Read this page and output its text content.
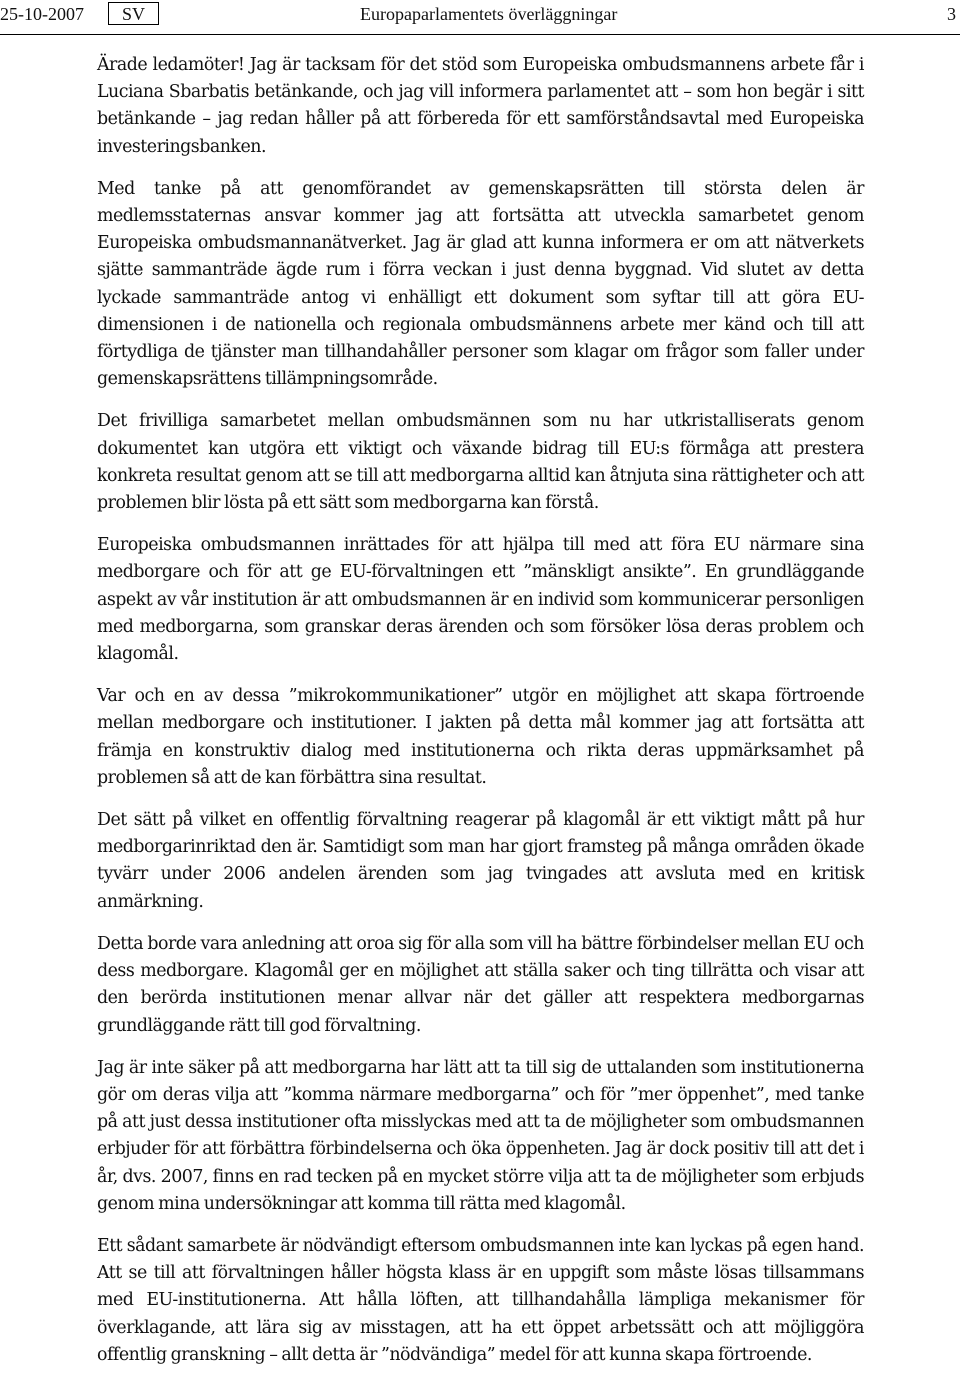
25-10-2007	SV	Europaparlamentets överläggningar	3

Ärade ledamöter! Jag är tacksam för det stöd som Europeiska ombudsmannens arbete får i Luciana Sbarbatis betänkande, och jag vill informera parlamentet att – som hon begär i sitt betänkande – jag redan håller på att förbereda för ett samförståndsavtal med Europeiska investeringsbanken.

Med tanke på att genomförandet av gemenskapsrätten till största delen är medlemsstaternas ansvar kommer jag att fortsätta att utveckla samarbetet genom Europeiska ombudsmannanätverket. Jag är glad att kunna informera er om att nätverkets sjätte sammanträde ägde rum i förra veckan i just denna byggnad. Vid slutet av detta lyckade sammanträde antog vi enhälligt ett dokument som syftar till att göra EU-dimensionen i de nationella och regionala ombudsmännens arbete mer känd och till att förtydliga de tjänster man tillhandahåller personer som klagar om frågor som faller under gemenskapsrättens tillämpningsområde.

Det frivilliga samarbetet mellan ombudsmännen som nu har utkristalliserats genom dokumentet kan utgöra ett viktigt och växande bidrag till EU:s förmåga att prestera konkreta resultat genom att se till att medborgarna alltid kan åtnjuta sina rättigheter och att problemen blir lösta på ett sätt som medborgarna kan förstå.

Europeiska ombudsmannen inrättades för att hjälpa till med att föra EU närmare sina medborgare och för att ge EU-förvaltningen ett ”mänskligt ansikte”. En grundläggande aspekt av vår institution är att ombudsmannen är en individ som kommunicerar personligen med medborgarna, som granskar deras ärenden och som försöker lösa deras problem och klagomål.

Var och en av dessa ”mikrokommunikationer” utgör en möjlighet att skapa förtroende mellan medborgare och institutioner. I jakten på detta mål kommer jag att fortsätta att främja en konstruktiv dialog med institutionerna och rikta deras uppmärksamhet på problemen så att de kan förbättra sina resultat.

Det sätt på vilket en offentlig förvaltning reagerar på klagomål är ett viktigt mått på hur medborgarinriktad den är. Samtidigt som man har gjort framsteg på många områden ökade tyvärr under 2006 andelen ärenden som jag tvingades att avsluta med en kritisk anmärkning.

Detta borde vara anledning att oroa sig för alla som vill ha bättre förbindelser mellan EU och dess medborgare. Klagomål ger en möjlighet att ställa saker och ting tillrätta och visar att den berörda institutionen menar allvar när det gäller att respektera medborgarnas grundläggande rätt till god förvaltning.

Jag är inte säker på att medborgarna har lätt att ta till sig de uttalanden som institutionerna gör om deras vilja att ”komma närmare medborgarna” och för ”mer öppenhet”, med tanke på att just dessa institutioner ofta misslyckas med att ta de möjligheter som ombudsmannen erbjuder för att förbättra förbindelserna och öka öppenheten. Jag är dock positiv till att det i år, dvs. 2007, finns en rad tecken på en mycket större vilja att ta de möjligheter som erbjuds genom mina undersökningar att komma till rätta med klagomål.

Ett sådant samarbete är nödvändigt eftersom ombudsmannen inte kan lyckas på egen hand. Att se till att förvaltningen håller högsta klass är en uppgift som måste lösas tillsammans med EU-institutionerna. Att hålla löften, att tillhandahålla lämpliga mekanismer för överklagande, att lära sig av misstagen, att ha ett öppet arbetssätt och att möjliggöra offentlig granskning – allt detta är ”nödvändiga” medel för att kunna skapa förtroende.
